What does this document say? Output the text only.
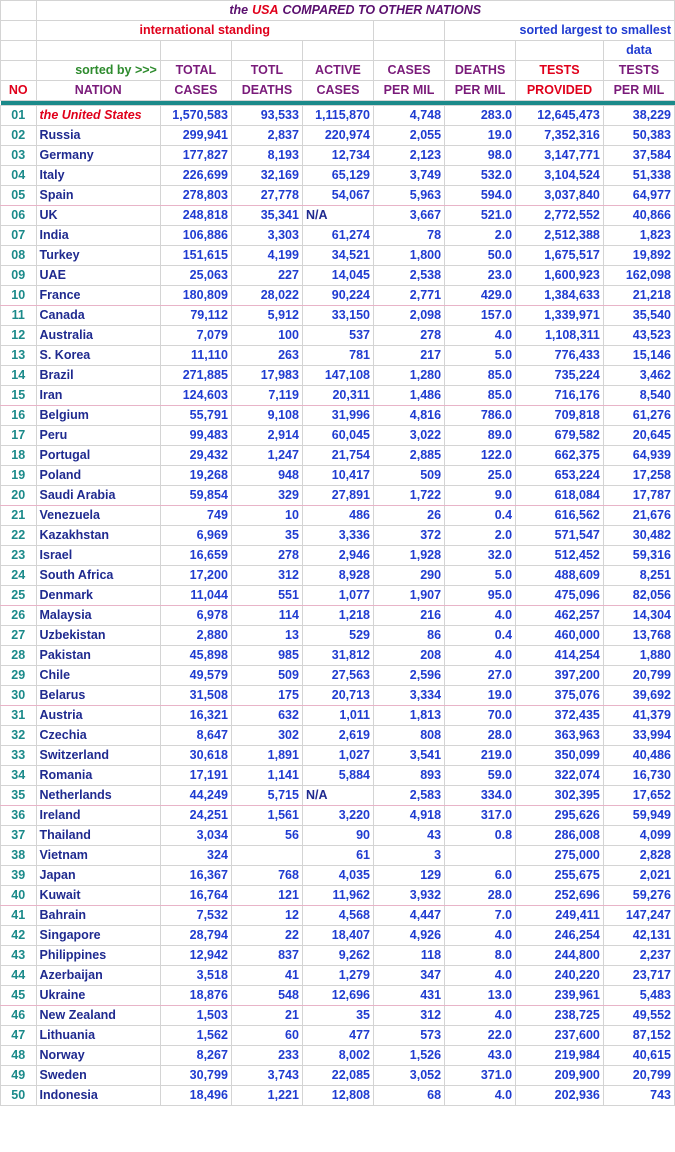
	the USA COMPARED TO OTHER NATIONS							
	international standing					sorted largest to smallest		
								data
	sorted by >>>	TOTAL	TOTL	ACTIVE	CASES	DEATHS	TESTS	TESTS
NO	NATION	CASES	DEATHS	CASES	PER MIL	PER MIL	PROVIDED	PER MIL

01	the United States	1,570,583	93,533	1,115,870	4,748	283.0	12,645,473	38,229
02	Russia	299,941	2,837	220,974	2,055	19.0	7,352,316	50,383
03	Germany	177,827	8,193	12,734	2,123	98.0	3,147,771	37,584
04	Italy	226,699	32,169	65,129	3,749	532.0	3,104,524	51,338
05	Spain	278,803	27,778	54,067	5,963	594.0	3,037,840	64,977
06	UK	248,818	35,341	N/A	3,667	521.0	2,772,552	40,866
07	India	106,886	3,303	61,274	78	2.0	2,512,388	1,823
08	Turkey	151,615	4,199	34,521	1,800	50.0	1,675,517	19,892
09	UAE	25,063	227	14,045	2,538	23.0	1,600,923	162,098
10	France	180,809	28,022	90,224	2,771	429.0	1,384,633	21,218
11	Canada	79,112	5,912	33,150	2,098	157.0	1,339,971	35,540
12	Australia	7,079	100	537	278	4.0	1,108,311	43,523
13	S. Korea	11,110	263	781	217	5.0	776,433	15,146
14	Brazil	271,885	17,983	147,108	1,280	85.0	735,224	3,462
15	Iran	124,603	7,119	20,311	1,486	85.0	716,176	8,540
16	Belgium	55,791	9,108	31,996	4,816	786.0	709,818	61,276
17	Peru	99,483	2,914	60,045	3,022	89.0	679,582	20,645
18	Portugal	29,432	1,247	21,754	2,885	122.0	662,375	64,939
19	Poland	19,268	948	10,417	509	25.0	653,224	17,258
20	Saudi Arabia	59,854	329	27,891	1,722	9.0	618,084	17,787
21	Venezuela	749	10	486	26	0.4	616,562	21,676
22	Kazakhstan	6,969	35	3,336	372	2.0	571,547	30,482
23	Israel	16,659	278	2,946	1,928	32.0	512,452	59,316
24	South Africa	17,200	312	8,928	290	5.0	488,609	8,251
25	Denmark	11,044	551	1,077	1,907	95.0	475,096	82,056
26	Malaysia	6,978	114	1,218	216	4.0	462,257	14,304
27	Uzbekistan	2,880	13	529	86	0.4	460,000	13,768
28	Pakistan	45,898	985	31,812	208	4.0	414,254	1,880
29	Chile	49,579	509	27,563	2,596	27.0	397,200	20,799
30	Belarus	31,508	175	20,713	3,334	19.0	375,076	39,692
31	Austria	16,321	632	1,011	1,813	70.0	372,435	41,379
32	Czechia	8,647	302	2,619	808	28.0	363,963	33,994
33	Switzerland	30,618	1,891	1,027	3,541	219.0	350,099	40,486
34	Romania	17,191	1,141	5,884	893	59.0	322,074	16,730
35	Netherlands	44,249	5,715	N/A	2,583	334.0	302,395	17,652
36	Ireland	24,251	1,561	3,220	4,918	317.0	295,626	59,949
37	Thailand	3,034	56	90	43	0.8	286,008	4,099
38	Vietnam	324		61	3		275,000	2,828
39	Japan	16,367	768	4,035	129	6.0	255,675	2,021
40	Kuwait	16,764	121	11,962	3,932	28.0	252,696	59,276
41	Bahrain	7,532	12	4,568	4,447	7.0	249,411	147,247
42	Singapore	28,794	22	18,407	4,926	4.0	246,254	42,131
43	Philippines	12,942	837	9,262	118	8.0	244,800	2,237
44	Azerbaijan	3,518	41	1,279	347	4.0	240,220	23,717
45	Ukraine	18,876	548	12,696	431	13.0	239,961	5,483
46	New Zealand	1,503	21	35	312	4.0	238,725	49,552
47	Lithuania	1,562	60	477	573	22.0	237,600	87,152
48	Norway	8,267	233	8,002	1,526	43.0	219,984	40,615
49	Sweden	30,799	3,743	22,085	3,052	371.0	209,900	20,799
50	Indonesia	18,496	1,221	12,808	68	4.0	202,936	743
